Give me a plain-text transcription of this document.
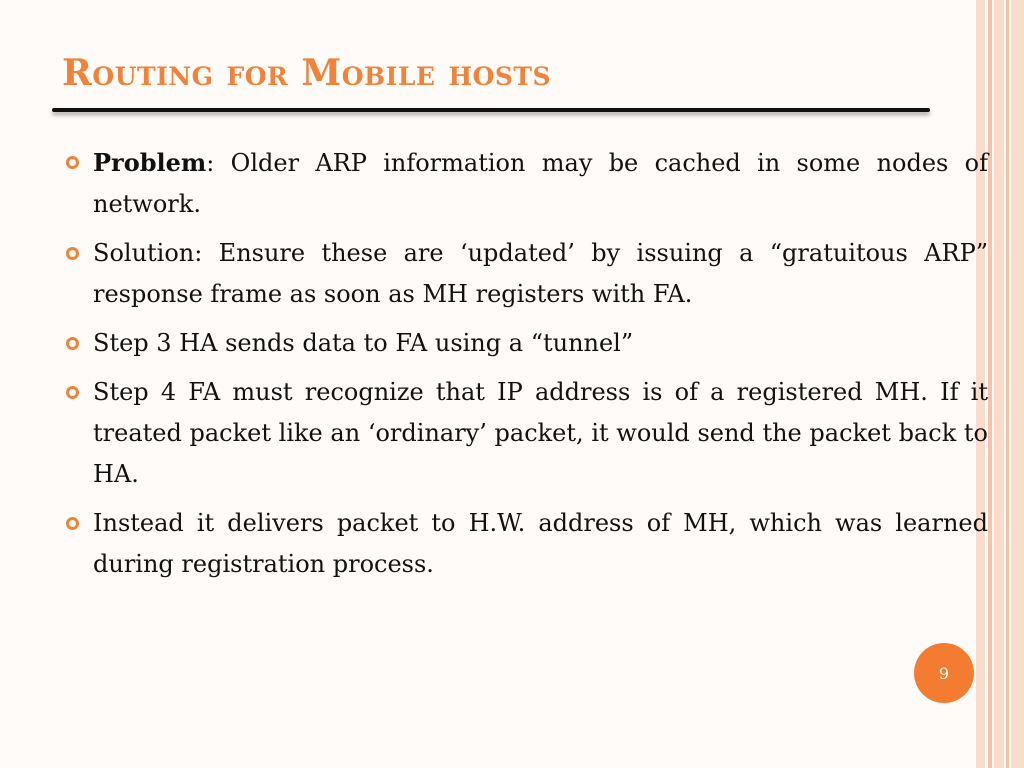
Routing for Mobile hosts
Problem: Older ARP information may be cached in some nodes of network.
Solution: Ensure these are ‘updated’ by issuing a “gratuitous ARP” response frame as soon as MH registers with FA.
Step 3 HA sends data to FA using a “tunnel”
Step 4 FA must recognize that IP address is of a registered MH. If it treated packet like an ‘ordinary’ packet, it would send the packet back to HA.
Instead it delivers packet to H.W. address of MH, which was learned during registration process.
9
